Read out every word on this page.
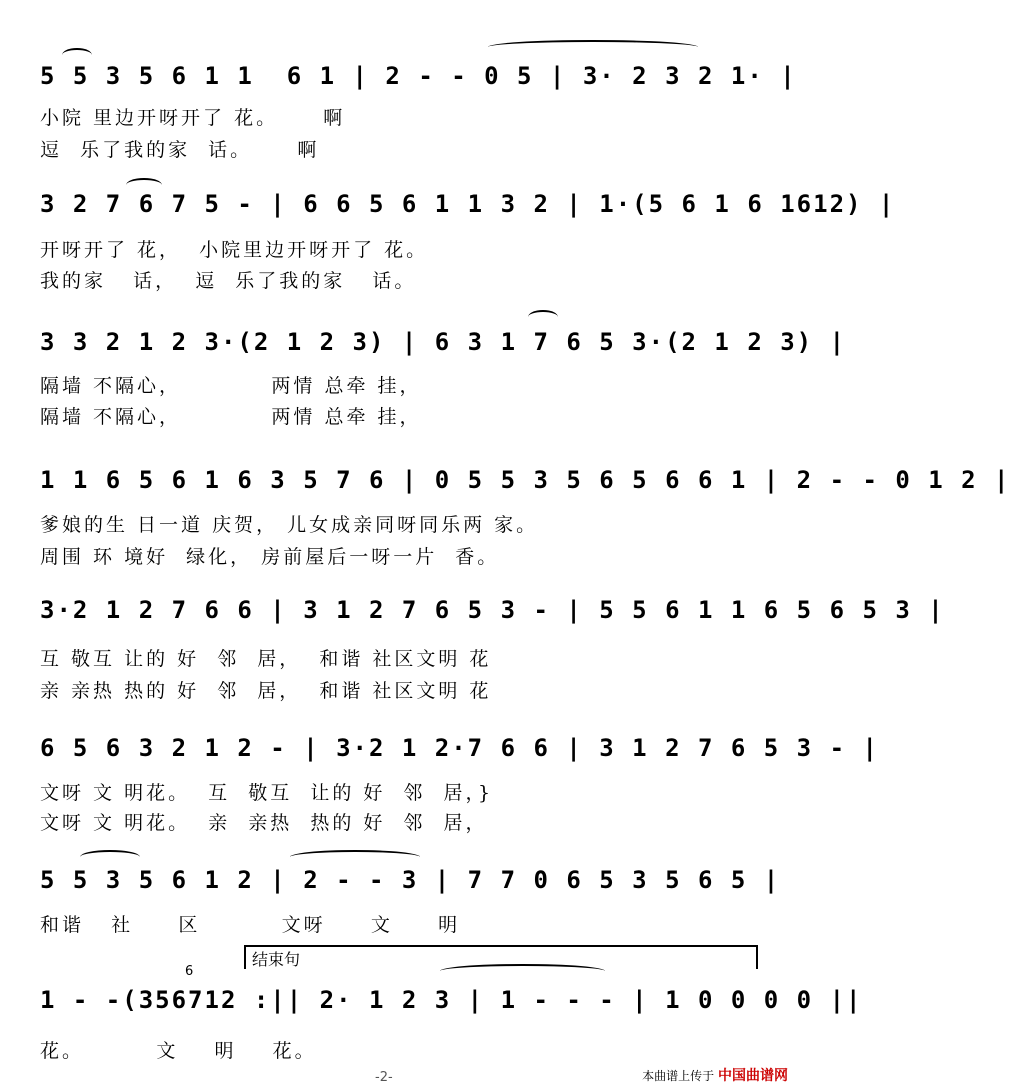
5 5 3 5 6 1 1  6 1 | 2 - - 0 5 | 3· 2 3 2 1· |
小院 里边开呀开了 花。     啊
逗  乐了我的家  话。     啊
3 2 7 6 7 5 - | 6 6 5 6 1 1 3 2 | 1·(5 6 1 6 1612) |
开呀开了 花，  小院里边开呀开了 花。
我的家   话，  逗  乐了我的家   话。
3 3 2 1 2 3·(2 1 2 3) | 6 3 1 7 6 5 3·(2 1 2 3) |
隔墙 不隔心，          两情 总牵 挂，
隔墙 不隔心，          两情 总牵 挂，
1 1 6 5 6 1 6 3 5 7 6 | 0 5 5 3 5 6 5 6 6 1 | 2 - - 0 1 2 |
爹娘的生 日一道 庆贺， 儿女成亲同呀同乐两 家。
周围 环 境好  绿化， 房前屋后一呀一片  香。
3·2 1 2 7 6 6 | 3 1 2 7 6 5 3 - | 5 5 6 1 1 6 5 6 5 3 |
互 敬互 让的 好  邻  居，  和谐 社区文明 花
亲 亲热 热的 好  邻  居，  和谐 社区文明 花
6 5 6 3 2 1 2 - | 3·2 1 2·7 6 6 | 3 1 2 7 6 5 3 - |
文呀 文 明花。  互  敬互  让的 好  邻  居，}
文呀 文 明花。  亲  亲热  热的 好  邻  居，
5 5 3 5 6 1 2 | 2 - - 3 | 7 7 0 6 5 3 5 6 5 |
和谐   社     区         文呀     文     明
结束句
6
1 - -(356712 :|| 2· 1 2 3 | 1 - - - | 1 0 0 0 0 ||
花。        文    明    花。
-2-	本曲谱上传于 中国曲谱网
